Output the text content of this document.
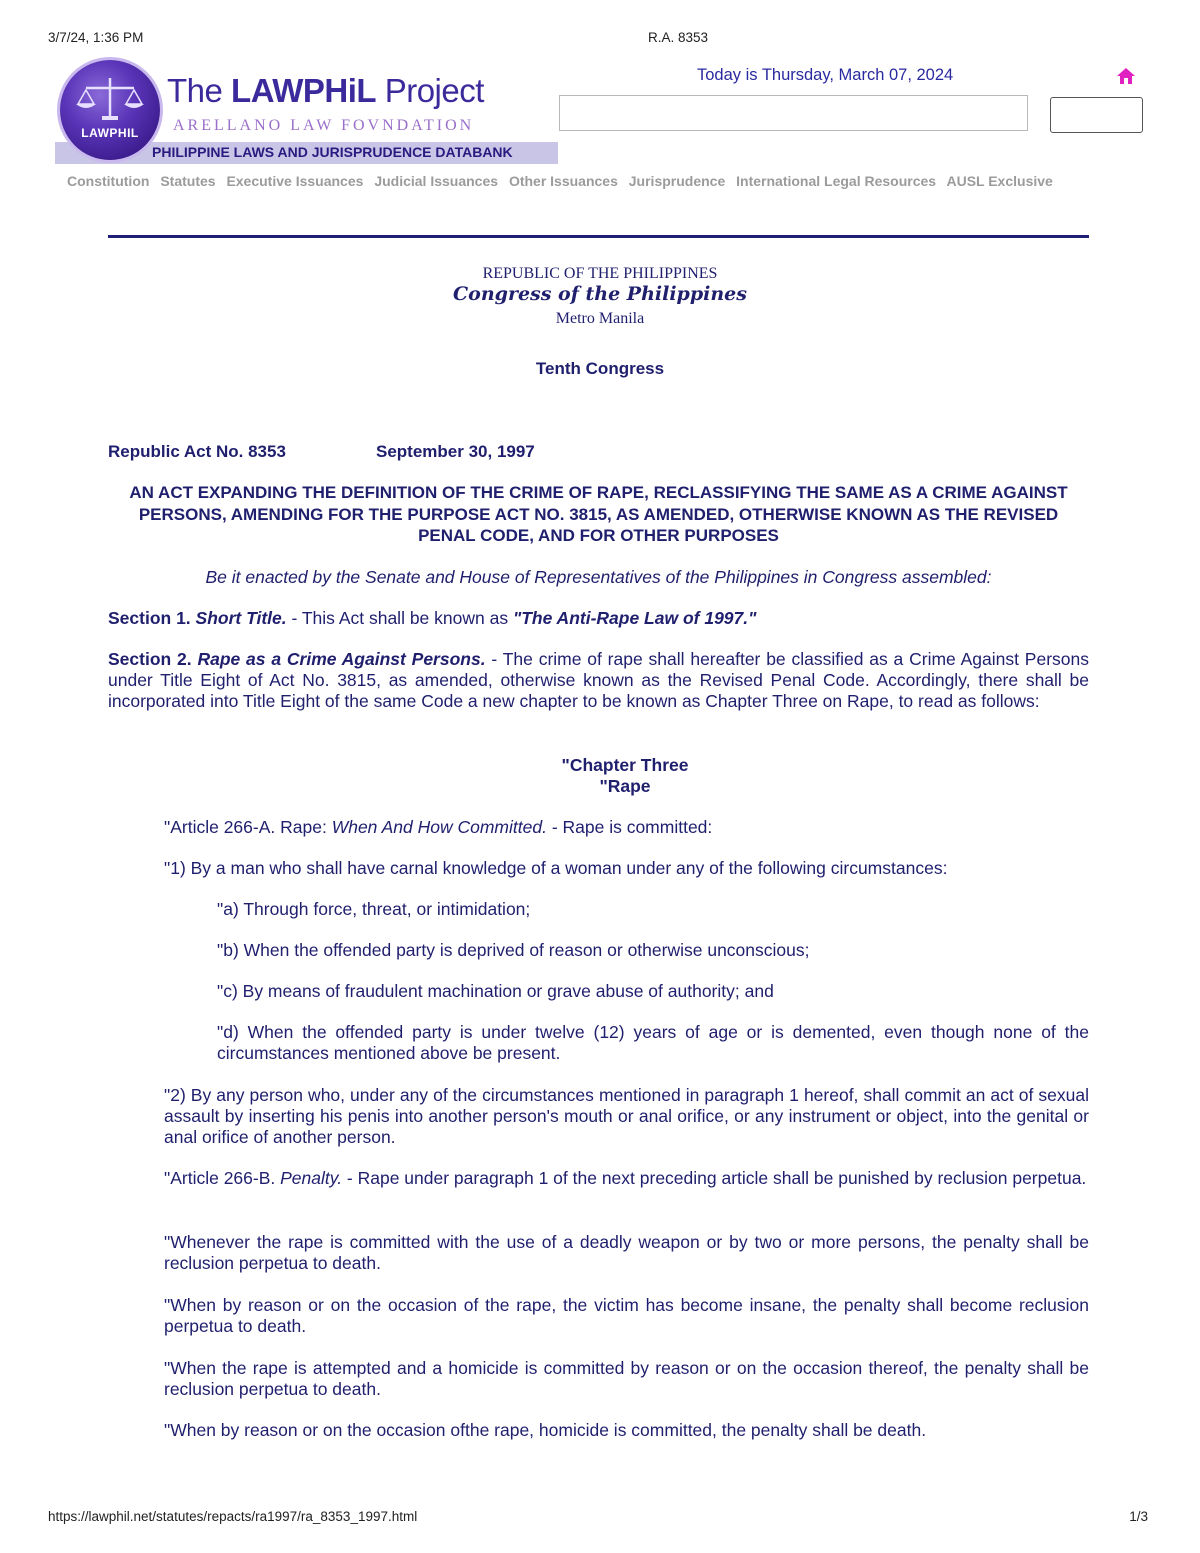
3/7/24, 1:36 PM	R.A. 8353
PHILIPPINE LAWS AND JURISPRUDENCE DATABANK
LAWPHIL
The LAWPHiL Project
ARELLANO LAW FOVNDATION
Today is Thursday, March 07, 2024
Constitution Statutes Executive Issuances Judicial Issuances Other Issuances Jurisprudence International Legal Resources AUSL Exclusive
REPUBLIC OF THE PHILIPPINES
Congress of the Philippines
Metro Manila
Tenth Congress
Republic Act No. 8353	September 30, 1997
AN ACT EXPANDING THE DEFINITION OF THE CRIME OF RAPE, RECLASSIFYING THE SAME AS A CRIME AGAINST PERSONS, AMENDING FOR THE PURPOSE ACT NO. 3815, AS AMENDED, OTHERWISE KNOWN AS THE REVISED PENAL CODE, AND FOR OTHER PURPOSES
Be it enacted by the Senate and House of Representatives of the Philippines in Congress assembled:
Section 1. Short Title. - This Act shall be known as "The Anti-Rape Law of 1997."
Section 2. Rape as a Crime Against Persons. - The crime of rape shall hereafter be classified as a Crime Against Persons under Title Eight of Act No. 3815, as amended, otherwise known as the Revised Penal Code. Accordingly, there shall be incorporated into Title Eight of the same Code a new chapter to be known as Chapter Three on Rape, to read as follows:
"Chapter Three
"Rape
"Article 266-A. Rape: When And How Committed. - Rape is committed:
"1) By a man who shall have carnal knowledge of a woman under any of the following circumstances:
"a) Through force, threat, or intimidation;
"b) When the offended party is deprived of reason or otherwise unconscious;
"c) By means of fraudulent machination or grave abuse of authority; and
"d) When the offended party is under twelve (12) years of age or is demented, even though none of the circumstances mentioned above be present.
"2) By any person who, under any of the circumstances mentioned in paragraph 1 hereof, shall commit an act of sexual assault by inserting his penis into another person's mouth or anal orifice, or any instrument or object, into the genital or anal orifice of another person.
"Article 266-B. Penalty. - Rape under paragraph 1 of the next preceding article shall be punished by reclusion perpetua.
"Whenever the rape is committed with the use of a deadly weapon or by two or more persons, the penalty shall be reclusion perpetua to death.
"When by reason or on the occasion of the rape, the victim has become insane, the penalty shall become reclusion perpetua to death.
"When the rape is attempted and a homicide is committed by reason or on the occasion thereof, the penalty shall be reclusion perpetua to death.
"When by reason or on the occasion ofthe rape, homicide is committed, the penalty shall be death.
https://lawphil.net/statutes/repacts/ra1997/ra_8353_1997.html	1/3
